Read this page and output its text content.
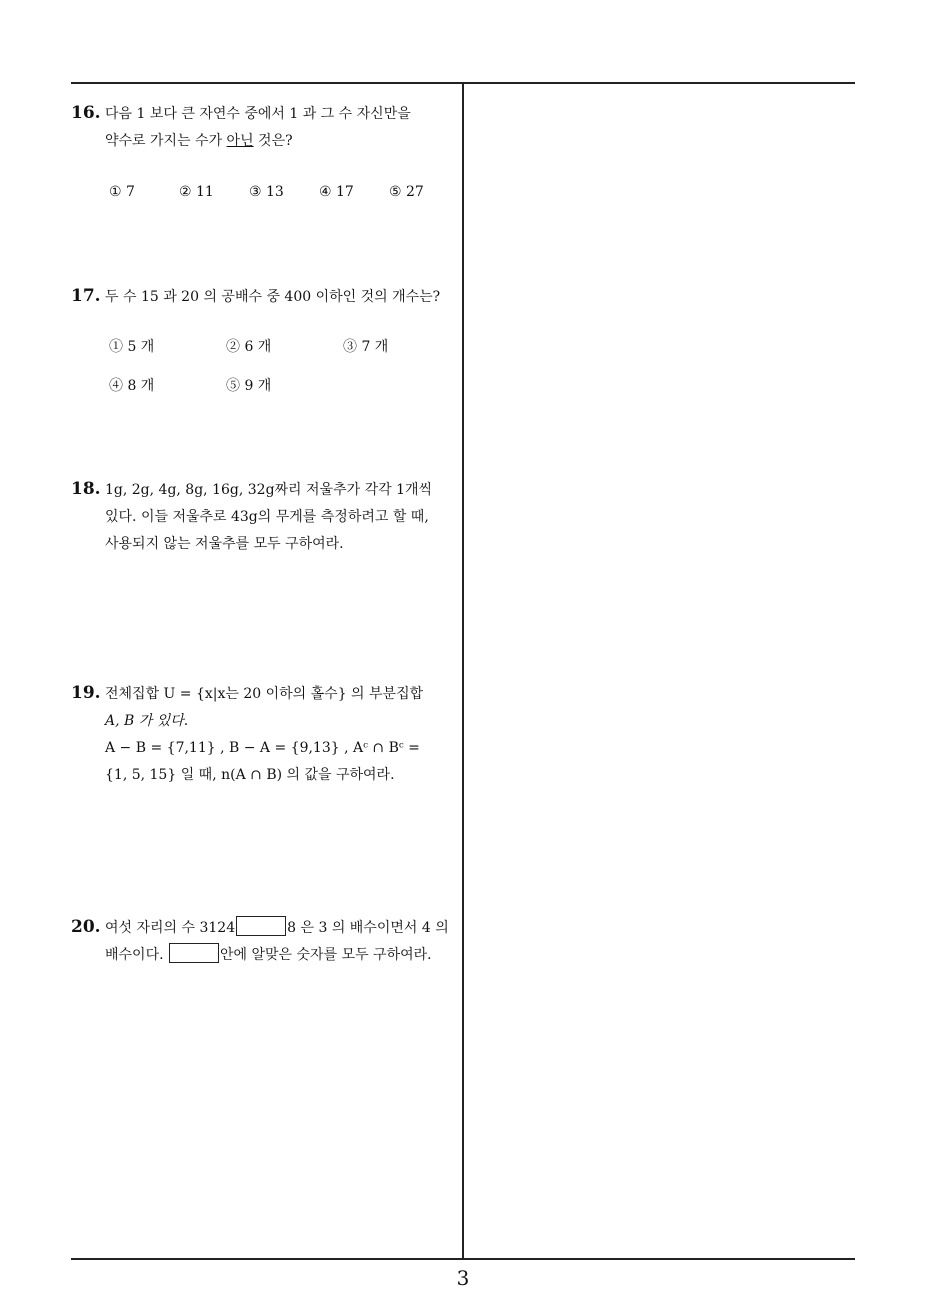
16. 다음 1 보다 큰 자연수 중에서 1 과 그 수 자신만을
약수로 가지는 수가 아닌 것은?
① 7	② 11	③ 13	④ 17	⑤ 27
17. 두 수 15 과 20 의 공배수 중 400 이하인 것의 개수는?
① 5 개	② 6 개	③ 7 개
④ 8 개	⑤ 9 개
18. 1g, 2g, 4g, 8g, 16g, 32g짜리 저울추가 각각 1개씩
있다. 이들 저울추로 43g의 무게를 측정하려고 할 때,
사용되지 않는 저울추를 모두 구하여라.
19. 전체집합 U = {x|x는 20 이하의 홀수} 의 부분집합
A, B 가 있다.
A − B = {7,11} , B − A = {9,13} , Aᶜ ∩ Bᶜ =
{1, 5, 15} 일 때, n(A ∩ B) 의 값을 구하여라.
20. 여섯 자리의 수 3124	8 은 3 의 배수이면서 4 의
배수이다.	안에 알맞은 숫자를 모두 구하여라.
3
